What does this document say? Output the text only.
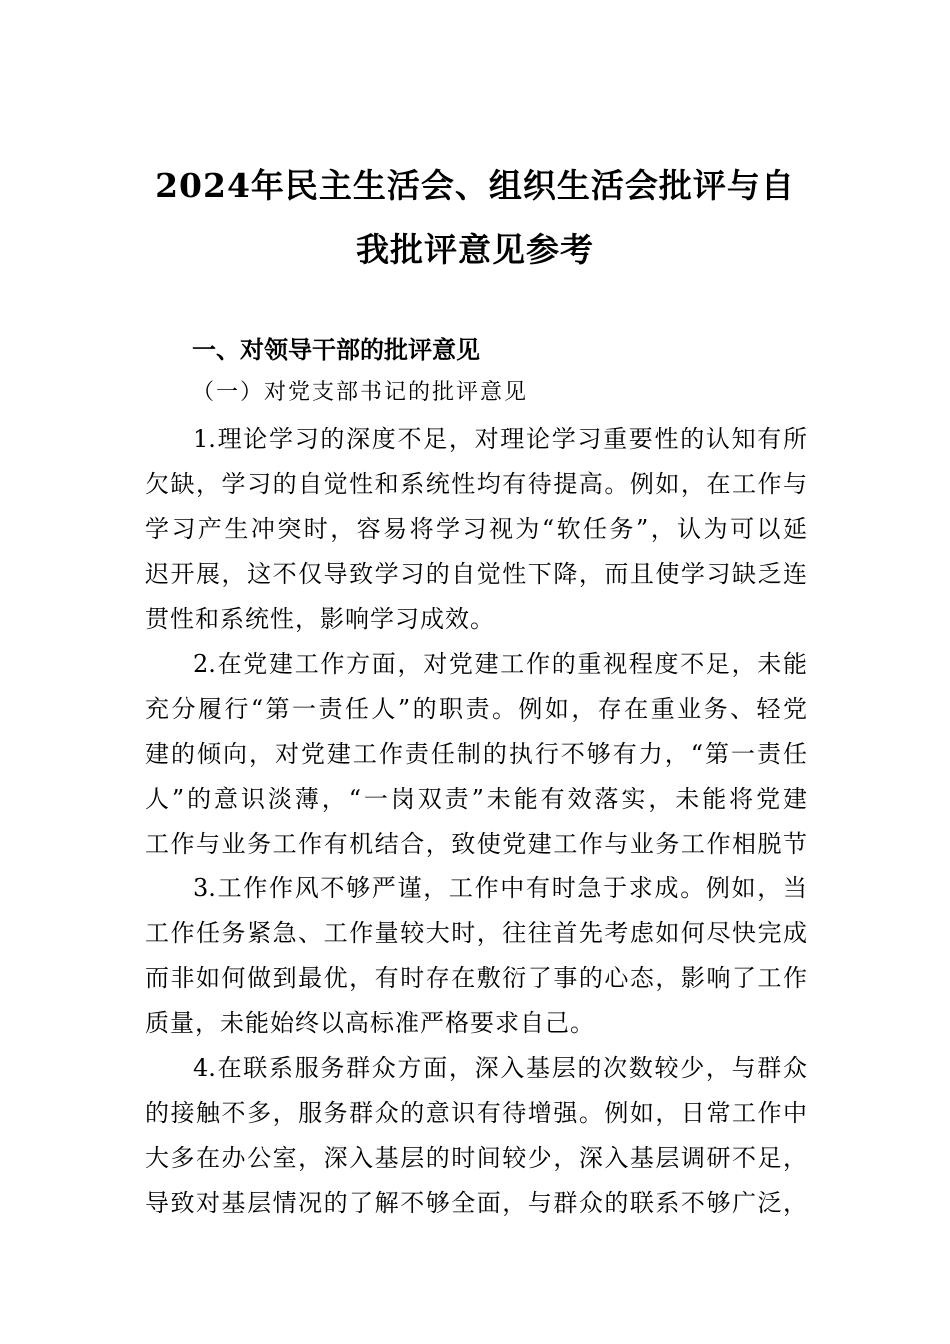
2024年民主生活会、组织生活会批评与自
我批评意见参考
一、对领导干部的批评意见
（一）对党支部书记的批评意见
1.理论学习的深度不足，对理论学习重要性的认知有所
欠缺，学习的自觉性和系统性均有待提高。例如，在工作与
学习产生冲突时，容易将学习视为“软任务”，认为可以延
迟开展，这不仅导致学习的自觉性下降，而且使学习缺乏连
贯性和系统性，影响学习成效。
2.在党建工作方面，对党建工作的重视程度不足，未能
充分履行“第一责任人”的职责。例如，存在重业务、轻党
建的倾向，对党建工作责任制的执行不够有力，“第一责任
人”的意识淡薄，“一岗双责”未能有效落实，未能将党建
工作与业务工作有机结合，致使党建工作与业务工作相脱节
3.工作作风不够严谨，工作中有时急于求成。例如，当
工作任务紧急、工作量较大时，往往首先考虑如何尽快完成
而非如何做到最优，有时存在敷衍了事的心态，影响了工作
质量，未能始终以高标准严格要求自己。
4.在联系服务群众方面，深入基层的次数较少，与群众
的接触不多，服务群众的意识有待增强。例如，日常工作中
大多在办公室，深入基层的时间较少，深入基层调研不足，
导致对基层情况的了解不够全面，与群众的联系不够广泛，
